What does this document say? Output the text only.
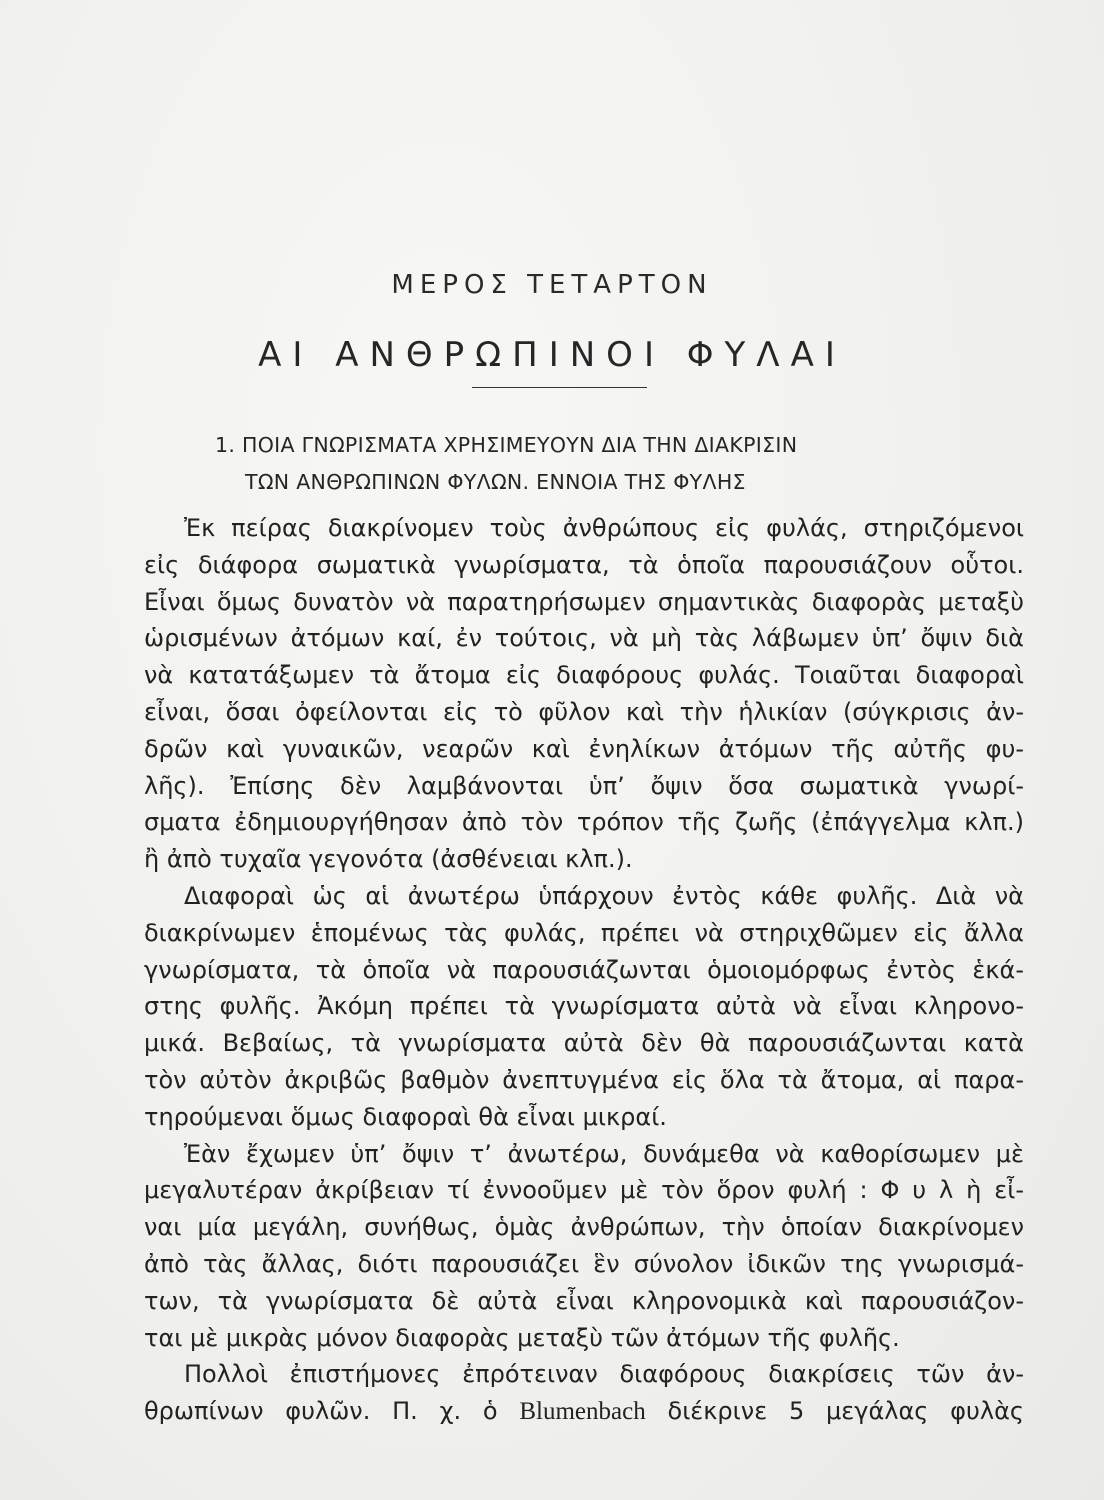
ΜΕΡΟΣ ΤΕΤΑΡΤΟΝ
ΑΙ ΑΝΘΡΩΠΙΝΟΙ ΦΥΛΑΙ
1. ΠΟΙΑ ΓΝΩΡΙΣΜΑΤΑ ΧΡΗΣΙΜΕΥΟΥΝ ΔΙΑ ΤΗΝ ΔΙΑΚΡΙΣΙΝ
ΤΩΝ ΑΝΘΡΩΠΙΝΩΝ ΦΥΛΩΝ. ΕΝΝΟΙΑ ΤΗΣ ΦΥΛΗΣ
Ἐκ πείρας διακρίνομεν τοὺς ἀνθρώπους εἰς φυλάς, στηριζόμενοι
εἰς διάφορα σωματικὰ γνωρίσματα, τὰ ὁποῖα παρουσιάζουν οὗτοι.
Εἶναι ὅμως δυνατὸν νὰ παρατηρήσωμεν σημαντικὰς διαφορὰς μεταξὺ
ὡρισμένων ἀτόμων καί, ἐν τούτοις, νὰ μὴ τὰς λάβωμεν ὑπ’ ὄψιν διὰ
νὰ κατατάξωμεν τὰ ἄτομα εἰς διαφόρους φυλάς. Τοιαῦται διαφοραὶ
εἶναι, ὅσαι ὀφείλονται εἰς τὸ φῦλον καὶ τὴν ἡλικίαν (σύγκρισις ἀν-
δρῶν καὶ γυναικῶν, νεαρῶν καὶ ἐνηλίκων ἀτόμων τῆς αὐτῆς φυ-
λῆς). Ἐπίσης δὲν λαμβάνονται ὑπ’ ὄψιν ὅσα σωματικὰ γνωρί-
σματα ἐδημιουργήθησαν ἀπὸ τὸν τρόπον τῆς ζωῆς (ἐπάγγελμα κλπ.)
ἢ ἀπὸ τυχαῖα γεγονότα (ἀσθένειαι κλπ.).
Διαφοραὶ ὡς αἱ ἀνωτέρω ὑπάρχουν ἐντὸς κάθε φυλῆς. Διὰ νὰ
διακρίνωμεν ἑπομένως τὰς φυλάς, πρέπει νὰ στηριχθῶμεν εἰς ἄλλα
γνωρίσματα, τὰ ὁποῖα νὰ παρουσιάζωνται ὁμοιομόρφως ἐντὸς ἑκά-
στης φυλῆς. Ἀκόμη πρέπει τὰ γνωρίσματα αὐτὰ νὰ εἶναι κληρονο-
μικά. Βεβαίως, τὰ γνωρίσματα αὐτὰ δὲν θὰ παρουσιάζωνται κατὰ
τὸν αὐτὸν ἀκριβῶς βαθμὸν ἀνεπτυγμένα εἰς ὅλα τὰ ἄτομα, αἱ παρα-
τηρούμεναι ὅμως διαφοραὶ θὰ εἶναι μικραί.
Ἐὰν ἔχωμεν ὑπ’ ὄψιν τ’ ἀνωτέρω, δυνάμεθα νὰ καθορίσωμεν μὲ
μεγαλυτέραν ἀκρίβειαν τί ἐννοοῦμεν μὲ τὸν ὅρον φυλή : Φ υ λ ὴ εἶ-
ναι μία μεγάλη, συνήθως, ὁμὰς ἀνθρώπων, τὴν ὁποίαν διακρίνομεν
ἀπὸ τὰς ἄλλας, διότι παρουσιάζει ἓν σύνολον ἰδικῶν της γνωρισμά-
των, τὰ γνωρίσματα δὲ αὐτὰ εἶναι κληρονομικὰ καὶ παρουσιάζον-
ται μὲ μικρὰς μόνον διαφορὰς μεταξὺ τῶν ἀτόμων τῆς φυλῆς.
Πολλοὶ ἐπιστήμονες ἐπρότειναν διαφόρους διακρίσεις τῶν ἀν-
θρωπίνων φυλῶν. Π. χ. ὁ Blumenbach διέκρινε 5 μεγάλας φυλὰς
